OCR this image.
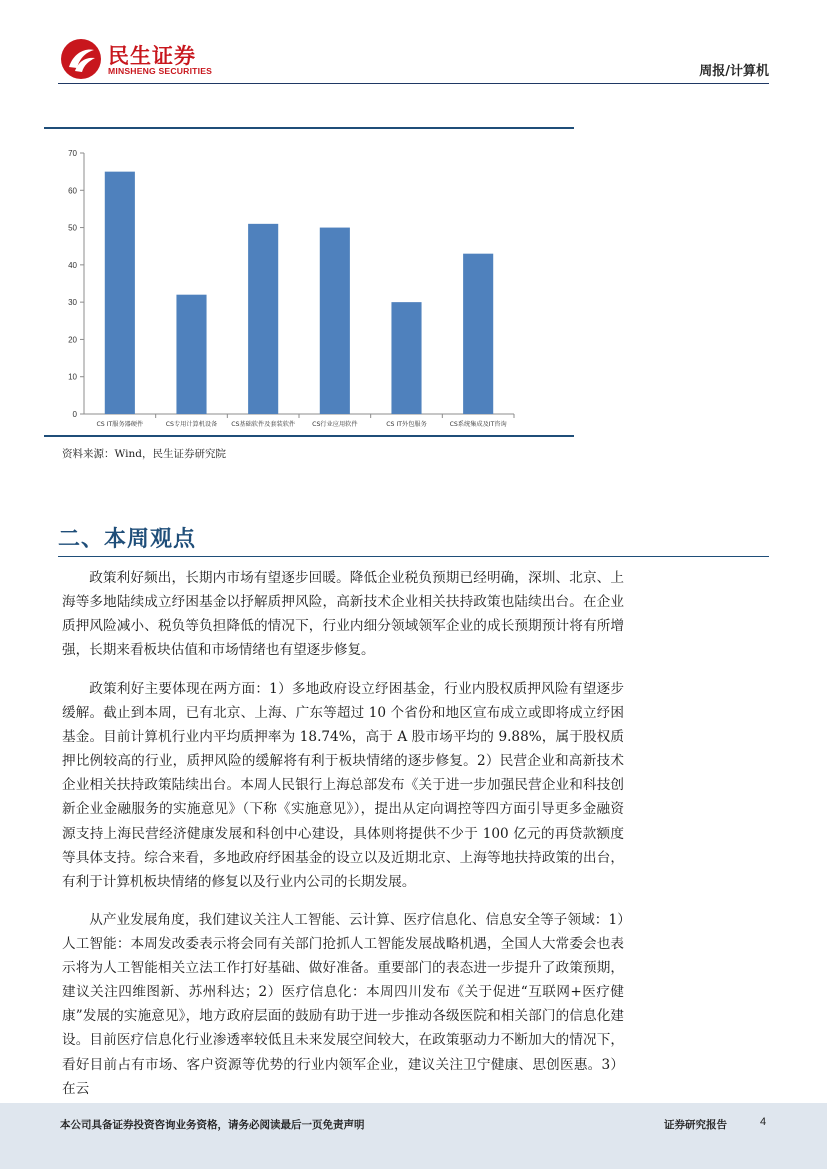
民生证券
MINSHENG SECURITIES	周报/计算机
0
10
20
30
40
50
60
70
CS IT服务器硬件	CS专用计算机设备 CS基础软件及套装软件	CS行业应用软件	CS IT外包服务	CS系统集成及IT咨询
资料来源：Wind，民生证券研究院
二、本周观点

政策利好频出，长期内市场有望逐步回暖。降低企业税负预期已经明确，深圳、北京、上海等多地陆续成立纾困基金以抒解质押风险，高新技术企业相关扶持政策也陆续出台。在企业质押风险减小、税负等负担降低的情况下，行业内细分领域领军企业的成长预期预计将有所增强，长期来看板块估值和市场情绪也有望逐步修复。

政策利好主要体现在两方面：1）多地政府设立纾困基金，行业内股权质押风险有望逐步缓解。截止到本周，已有北京、上海、广东等超过 10 个省份和地区宣布成立或即将成立纾困基金。目前计算机行业内平均质押率为 18.74%，高于 A 股市场平均的 9.88%，属于股权质押比例较高的行业，质押风险的缓解将有利于板块情绪的逐步修复。2）民营企业和高新技术企业相关扶持政策陆续出台。本周人民银行上海总部发布《关于进一步加强民营企业和科技创新企业金融服务的实施意见》（下称《实施意见》），提出从定向调控等四方面引导更多金融资源支持上海民营经济健康发展和科创中心建设，具体则将提供不少于 100 亿元的再贷款额度等具体支持。综合来看，多地政府纾困基金的设立以及近期北京、上海等地扶持政策的出台，有利于计算机板块情绪的修复以及行业内公司的长期发展。

从产业发展角度，我们建议关注人工智能、云计算、医疗信息化、信息安全等子领域：1）人工智能：本周发改委表示将会同有关部门抢抓人工智能发展战略机遇，全国人大常委会也表示将为人工智能相关立法工作打好基础、做好准备。重要部门的表态进一步提升了政策预期，建议关注四维图新、苏州科达；2）医疗信息化：本周四川发布《关于促进“互联网+医疗健康”发展的实施意见》，地方政府层面的鼓励有助于进一步推动各级医院和相关部门的信息化建设。目前医疗信息化行业渗透率较低且未来发展空间较大，在政策驱动力不断加大的情况下，看好目前占有市场、客户资源等优势的行业内领军企业，建议关注卫宁健康、思创医惠。3）在云

本公司具备证券投资咨询业务资格，请务必阅读最后一页免责声明	证券研究报告	4
